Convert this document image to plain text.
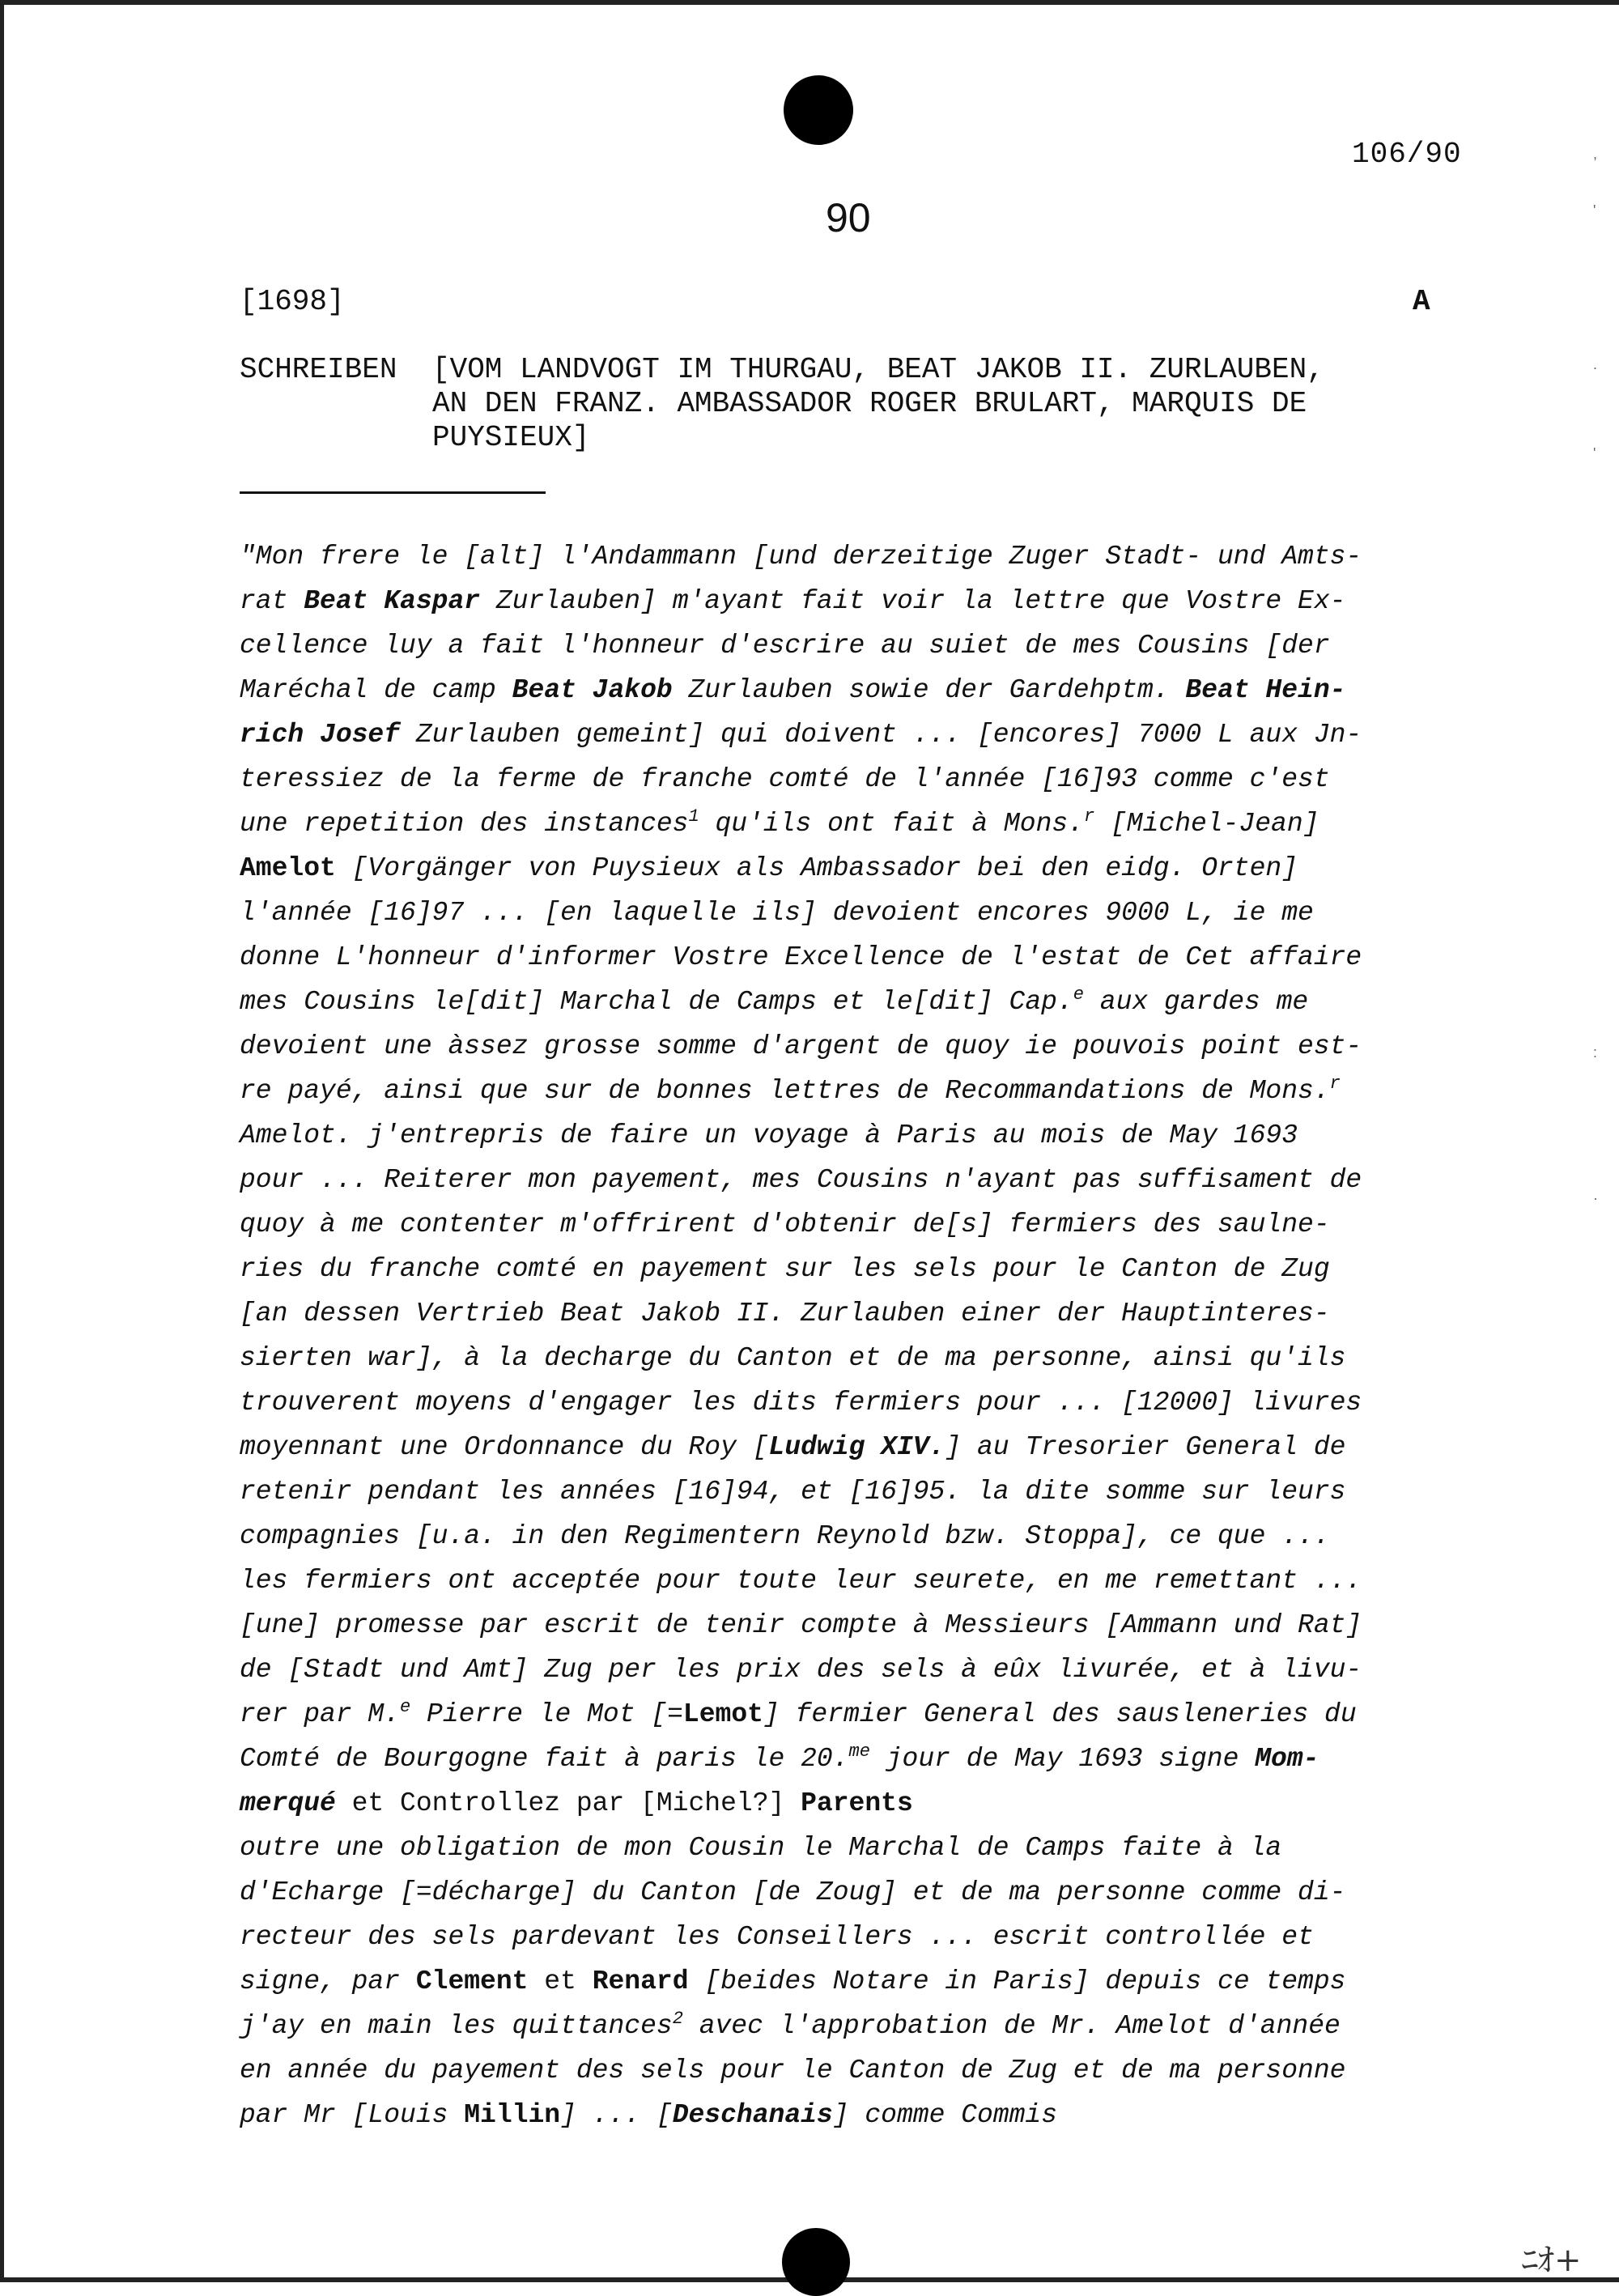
106/90
90
[1698]	A
SCHREIBEN [VOM LANDVOGT IM THURGAU, BEAT JAKOB II. ZURLAUBEN,
AN DEN FRANZ. AMBASSADOR ROGER BRULART, MARQUIS DE
PUYSIEUX]
"Mon frere le [alt] l'Andammann [und derzeitige Zuger Stadt- und Amts-
rat Beat Kaspar Zurlauben] m'ayant fait voir la lettre que Vostre Ex-
cellence luy a fait l'honneur d'escrire au suiet de mes Cousins [der
Maréchal de camp Beat Jakob Zurlauben sowie der Gardehptm. Beat Hein-
rich Josef Zurlauben gemeint] qui doivent ... [encores] 7000 L aux Jn-
teressiez de la ferme de franche comté de l'année [16]93 comme c'est
une repetition des instances$^1$ qu'ils ont fait à Mons.$^r$ [Michel-Jean]
Amelot [Vorgänger von Puysieux als Ambassador bei den eidg. Orten]
l'année [16]97 ... [en laquelle ils] devoient encores 9000 L, ie me
donne L'honneur d'informer Vostre Excellence de l'estat de Cet affaire
mes Cousins le[dit] Marchal de Camps et le[dit] Cap.$^e$ aux gardes me
devoient une àssez grosse somme d'argent de quoy ie pouvois point est-
re payé, ainsi que sur de bonnes lettres de Recommandations de Mons.$^r$
Amelot. j'entrepris de faire un voyage à Paris au mois de May 1693
pour ... Reiterer mon payement, mes Cousins n'ayant pas suffisament de
quoy à me contenter m'offrirent d'obtenir de[s] fermiers des saulne-
ries du franche comté en payement sur les sels pour le Canton de Zug
[an dessen Vertrieb Beat Jakob II. Zurlauben einer der Hauptinteres-
sierten war], à la decharge du Canton et de ma personne, ainsi qu'ils
trouverent moyens d'engager les dits fermiers pour ... [12000] livures
moyennant une Ordonnance du Roy [Ludwig XIV.] au Tresorier General de
retenir pendant les années [16]94, et [16]95. la dite somme sur leurs
compagnies [u.a. in den Regimentern Reynold bzw. Stoppa], ce que ...
les fermiers ont acceptée pour toute leur seurete, en me remettant ...
[une] promesse par escrit de tenir compte à Messieurs [Ammann und Rat]
de [Stadt und Amt] Zug per les prix des sels à eûx livurée, et à livu-
rer par M.$^e$ Pierre le Mot [=Lemot] fermier General des sausleneries du
Comté de Bourgogne fait à paris le 20.$^{me}$ jour de May 1693 signe Mom-
merqué et Controllez par [Michel?] Parents
outre une obligation de mon Cousin le Marchal de Camps faite à la
d'Echarge [=décharge] du Canton [de Zoug] et de ma personne comme di-
recteur des sels pardevant les Conseillers ... escrit controllée et
signe, par Clement et Renard [beides Notare in Paris] depuis ce temps
j'ay en main les quittances$^2$ avec l'approbation de Mr. Amelot d'année
en année du payement des sels pour le Canton de Zug et de ma personne
par Mr [Louis Millin] ... [Deschanais] comme Commis
,
'
.
'
:
·
ﾆｵ+
